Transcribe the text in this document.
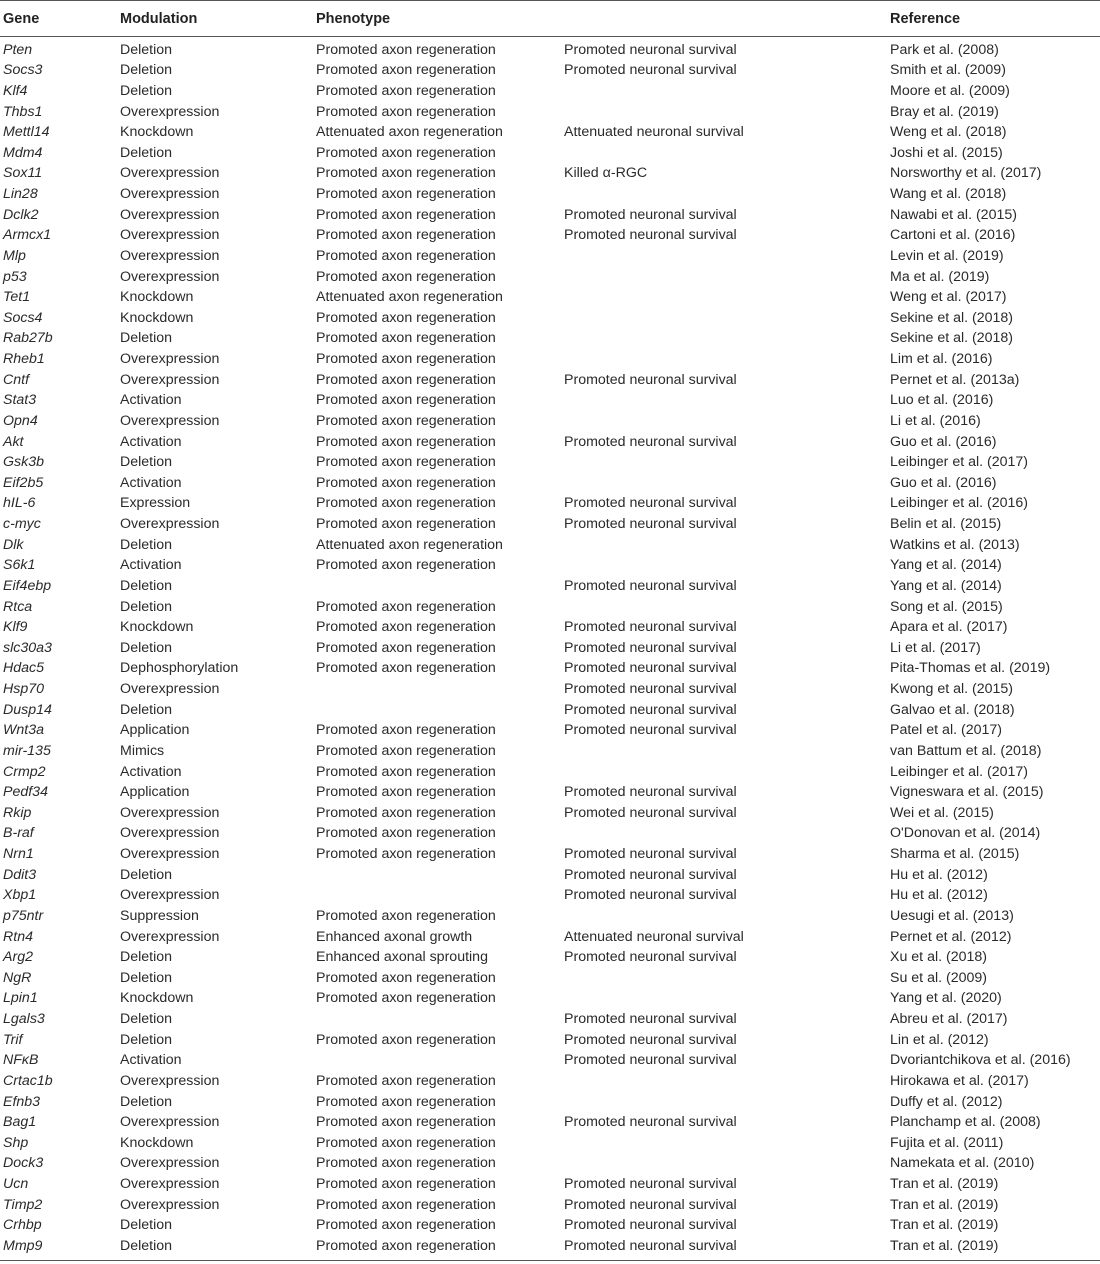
Gene	Modulation	Phenotype		Reference
Pten	Deletion	Promoted axon regeneration	Promoted neuronal survival	Park et al. (2008)
Socs3	Deletion	Promoted axon regeneration	Promoted neuronal survival	Smith et al. (2009)
Klf4	Deletion	Promoted axon regeneration		Moore et al. (2009)
Thbs1	Overexpression	Promoted axon regeneration		Bray et al. (2019)
Mettl14	Knockdown	Attenuated axon regeneration	Attenuated neuronal survival	Weng et al. (2018)
Mdm4	Deletion	Promoted axon regeneration		Joshi et al. (2015)
Sox11	Overexpression	Promoted axon regeneration	Killed α-RGC	Norsworthy et al. (2017)
Lin28	Overexpression	Promoted axon regeneration		Wang et al. (2018)
Dclk2	Overexpression	Promoted axon regeneration	Promoted neuronal survival	Nawabi et al. (2015)
Armcx1	Overexpression	Promoted axon regeneration	Promoted neuronal survival	Cartoni et al. (2016)
Mlp	Overexpression	Promoted axon regeneration		Levin et al. (2019)
p53	Overexpression	Promoted axon regeneration		Ma et al. (2019)
Tet1	Knockdown	Attenuated axon regeneration		Weng et al. (2017)
Socs4	Knockdown	Promoted axon regeneration		Sekine et al. (2018)
Rab27b	Deletion	Promoted axon regeneration		Sekine et al. (2018)
Rheb1	Overexpression	Promoted axon regeneration		Lim et al. (2016)
Cntf	Overexpression	Promoted axon regeneration	Promoted neuronal survival	Pernet et al. (2013a)
Stat3	Activation	Promoted axon regeneration		Luo et al. (2016)
Opn4	Overexpression	Promoted axon regeneration		Li et al. (2016)
Akt	Activation	Promoted axon regeneration	Promoted neuronal survival	Guo et al. (2016)
Gsk3b	Deletion	Promoted axon regeneration		Leibinger et al. (2017)
Eif2b5	Activation	Promoted axon regeneration		Guo et al. (2016)
hIL-6	Expression	Promoted axon regeneration	Promoted neuronal survival	Leibinger et al. (2016)
c-myc	Overexpression	Promoted axon regeneration	Promoted neuronal survival	Belin et al. (2015)
Dlk	Deletion	Attenuated axon regeneration		Watkins et al. (2013)
S6k1	Activation	Promoted axon regeneration		Yang et al. (2014)
Eif4ebp	Deletion		Promoted neuronal survival	Yang et al. (2014)
Rtca	Deletion	Promoted axon regeneration		Song et al. (2015)
Klf9	Knockdown	Promoted axon regeneration	Promoted neuronal survival	Apara et al. (2017)
slc30a3	Deletion	Promoted axon regeneration	Promoted neuronal survival	Li et al. (2017)
Hdac5	Dephosphorylation	Promoted axon regeneration	Promoted neuronal survival	Pita-Thomas et al. (2019)
Hsp70	Overexpression		Promoted neuronal survival	Kwong et al. (2015)
Dusp14	Deletion		Promoted neuronal survival	Galvao et al. (2018)
Wnt3a	Application	Promoted axon regeneration	Promoted neuronal survival	Patel et al. (2017)
mir-135	Mimics	Promoted axon regeneration		van Battum et al. (2018)
Crmp2	Activation	Promoted axon regeneration		Leibinger et al. (2017)
Pedf34	Application	Promoted axon regeneration	Promoted neuronal survival	Vigneswara et al. (2015)
Rkip	Overexpression	Promoted axon regeneration	Promoted neuronal survival	Wei et al. (2015)
B-raf	Overexpression	Promoted axon regeneration		O'Donovan et al. (2014)
Nrn1	Overexpression	Promoted axon regeneration	Promoted neuronal survival	Sharma et al. (2015)
Ddit3	Deletion		Promoted neuronal survival	Hu et al. (2012)
Xbp1	Overexpression		Promoted neuronal survival	Hu et al. (2012)
p75ntr	Suppression	Promoted axon regeneration		Uesugi et al. (2013)
Rtn4	Overexpression	Enhanced axonal growth	Attenuated neuronal survival	Pernet et al. (2012)
Arg2	Deletion	Enhanced axonal sprouting	Promoted neuronal survival	Xu et al. (2018)
NgR	Deletion	Promoted axon regeneration		Su et al. (2009)
Lpin1	Knockdown	Promoted axon regeneration		Yang et al. (2020)
Lgals3	Deletion		Promoted neuronal survival	Abreu et al. (2017)
Trif	Deletion	Promoted axon regeneration	Promoted neuronal survival	Lin et al. (2012)
NFκB	Activation		Promoted neuronal survival	Dvoriantchikova et al. (2016)
Crtac1b	Overexpression	Promoted axon regeneration		Hirokawa et al. (2017)
Efnb3	Deletion	Promoted axon regeneration		Duffy et al. (2012)
Bag1	Overexpression	Promoted axon regeneration	Promoted neuronal survival	Planchamp et al. (2008)
Shp	Knockdown	Promoted axon regeneration		Fujita et al. (2011)
Dock3	Overexpression	Promoted axon regeneration		Namekata et al. (2010)
Ucn	Overexpression	Promoted axon regeneration	Promoted neuronal survival	Tran et al. (2019)
Timp2	Overexpression	Promoted axon regeneration	Promoted neuronal survival	Tran et al. (2019)
Crhbp	Deletion	Promoted axon regeneration	Promoted neuronal survival	Tran et al. (2019)
Mmp9	Deletion	Promoted axon regeneration	Promoted neuronal survival	Tran et al. (2019)
